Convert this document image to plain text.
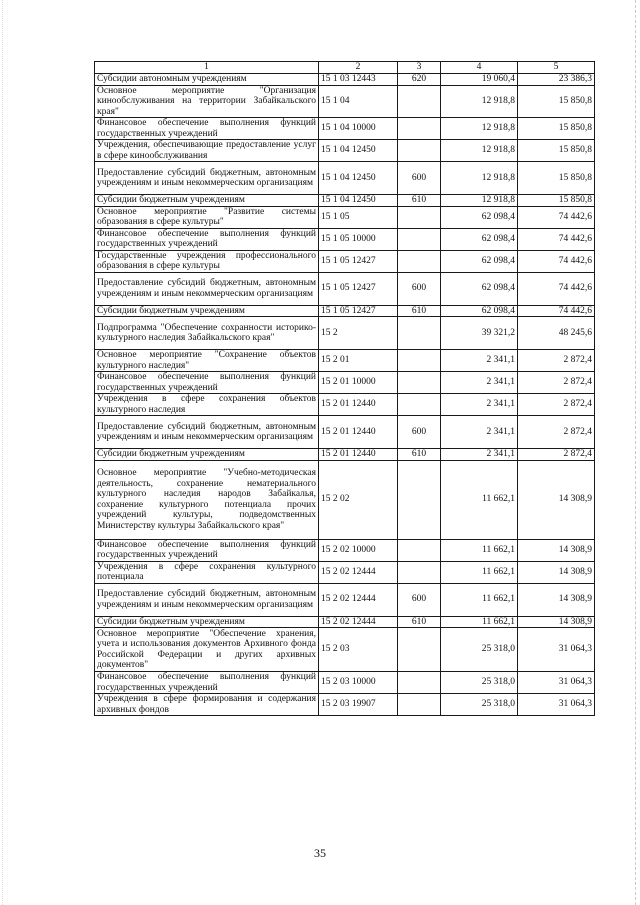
1	2	3	4	5
Субсидии автономным учреждениям	15 1 03 12443	620	19 060,4	23 386,3
Основное мероприятие "Организация кинообслуживания на территории Забайкальского края"	15 1 04		12 918,8	15 850,8
Финансовое обеспечение выполнения функций государственных учреждений	15 1 04 10000		12 918,8	15 850,8
Учреждения, обеспечивающие предоставление услуг в сфере кинообслуживания	15 1 04 12450		12 918,8	15 850,8
Предоставление субсидий бюджетным, автономным учреждениям и иным некоммерческим организациям	15 1 04 12450	600	12 918,8	15 850,8
Субсидии бюджетным учреждениям	15 1 04 12450	610	12 918,8	15 850,8
Основное мероприятие "Развитие системы образования в сфере культуры"	15 1 05		62 098,4	74 442,6
Финансовое обеспечение выполнения функций государственных учреждений	15 1 05 10000		62 098,4	74 442,6
Государственные учреждения профессионального образования в сфере культуры	15 1 05 12427		62 098,4	74 442,6
Предоставление субсидий бюджетным, автономным учреждениям и иным некоммерческим организациям	15 1 05 12427	600	62 098,4	74 442,6
Субсидии бюджетным учреждениям	15 1 05 12427	610	62 098,4	74 442,6
Подпрограмма "Обеспечение сохранности историко-культурного наследия Забайкальского края"	15 2		39 321,2	48 245,6
Основное мероприятие "Сохранение объектов культурного наследия"	15 2 01		2 341,1	2 872,4
Финансовое обеспечение выполнения функций государственных учреждений	15 2 01 10000		2 341,1	2 872,4
Учреждения в сфере сохранения объектов культурного наследия	15 2 01 12440		2 341,1	2 872,4
Предоставление субсидий бюджетным, автономным учреждениям и иным некоммерческим организациям	15 2 01 12440	600	2 341,1	2 872,4
Субсидии бюджетным учреждениям	15 2 01 12440	610	2 341,1	2 872,4
Основное мероприятие "Учебно-методическая деятельность, сохранение нематериального культурного наследия народов Забайкалья, сохранение культурного потенциала прочих учреждений культуры, подведомственных Министерству культуры Забайкальского края"	15 2 02		11 662,1	14 308,9
Финансовое обеспечение выполнения функций государственных учреждений	15 2 02 10000		11 662,1	14 308,9
Учреждения в сфере сохранения культурного потенциала	15 2 02 12444		11 662,1	14 308,9
Предоставление субсидий бюджетным, автономным учреждениям и иным некоммерческим организациям	15 2 02 12444	600	11 662,1	14 308,9
Субсидии бюджетным учреждениям	15 2 02 12444	610	11 662,1	14 308,9
Основное мероприятие "Обеспечение хранения, учета и использования документов Архивного фонда Российской Федерации и других архивных документов"	15 2 03		25 318,0	31 064,3
Финансовое обеспечение выполнения функций государственных учреждений	15 2 03 10000		25 318,0	31 064,3
Учреждения в сфере формирования и содержания архивных фондов	15 2 03 19907		25 318,0	31 064,3
35
